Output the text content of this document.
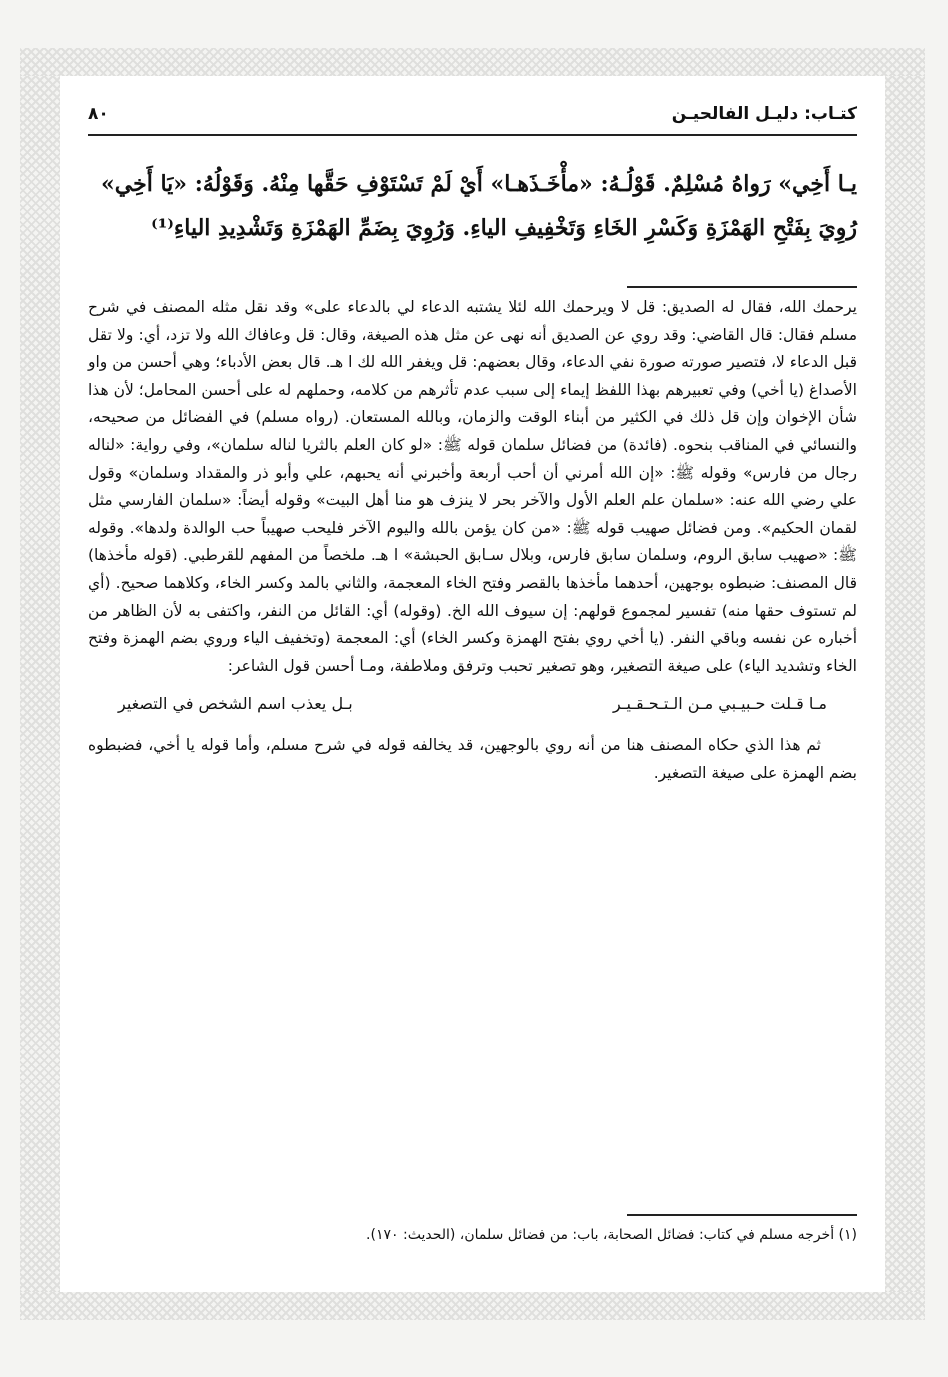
كتـاب: دليـل الفالحيـن
٨٠
يـا أَخِي» رَواهُ مُسْلِمٌ. قَوْلُـهُ: «مأْخَـذَهـا» أَيْ لَمْ تَسْتَوْفِ حَقَّها مِنْهُ. وَقَوْلُهُ: «يَا أَخِي»
رُوِيَ بِفَتْحِ الهَمْزَةِ وَكَسْرِ الخَاءِ وَتَخْفِيفِ الياءِ. وَرُوِيَ بِضَمِّ الهَمْزَةِ وَتَشْدِيدِ الياءِ⁽¹⁾

يرحمك الله، فقال له الصديق: قل لا ويرحمك الله لئلا يشتبه الدعاء لي بالدعاء على» وقد نقل مثله المصنف في شرح مسلم فقال: قال القاضي: وقد روي عن الصديق أنه نهى عن مثل هذه الصيغة، وقال: قل وعافاك الله ولا تزد، أي: ولا تقل قبل الدعاء لا، فتصير صورته صورة نفي الدعاء، وقال بعضهم: قل ويغفر الله لك ا هـ. قال بعض الأدباء؛ وهي أحسن من واو الأصداغ (يا أخي) وفي تعبيرهم بهذا اللفظ إيماء إلى سبب عدم تأثرهم من كلامه، وحملهم له على أحسن المحامل؛ لأن هذا شأن الإخوان وإن قل ذلك في الكثير من أبناء الوقت والزمان، وبالله المستعان. (رواه مسلم) في الفضائل من صحيحه، والنسائي في المناقب بنحوه. (فائدة) من فضائل سلمان قوله ﷺ: «لو كان العلم بالثريا لناله سلمان»، وفي رواية: «لناله رجال من فارس» وقوله ﷺ: «إن الله أمرني أن أحب أربعة وأخبرني أنه يحبهم، علي وأبو ذر والمقداد وسلمان» وقول علي رضي الله عنه: «سلمان علم العلم الأول والآخر بحر لا ينزف هو منا أهل البيت» وقوله أيضاً: «سلمان الفارسي مثل لقمان الحكيم». ومن فضائل صهيب قوله ﷺ: «من كان يؤمن بالله واليوم الآخر فليحب صهيباً حب الوالدة ولدها». وقوله ﷺ: «صهيب سابق الروم، وسلمان سابق فارس، وبلال سـابق الحبشة» ا هـ. ملخصاً من المفهم للقرطبي. (قوله مأخذها) قال المصنف: ضبطوه بوجهين، أحدهما مأخذها بالقصر وفتح الخاء المعجمة، والثاني بالمد وكسر الخاء، وكلاهما صحيح. (أي لم تستوف حقها منه) تفسير لمجموع قولهم: إن سيوف الله الخ. (وقوله) أي: القائل من النفر، واكتفى به لأن الظاهر من أخباره عن نفسه وباقي النفر. (يا أخي روي بفتح الهمزة وكسر الخاء) أي: المعجمة (وتخفيف الياء وروي بضم الهمزة وفتح الخاء وتشديد الياء) على صيغة التصغير، وهو تصغير تحبب وترفق وملاطفة، ومـا أحسن قول الشاعر:

مـا قـلت حـبيـبي مـن الـتـحـقـيـر
بـل يعذب اسم الشخص في التصغير

ثم هذا الذي حكاه المصنف هنا من أنه روي بالوجهين، قد يخالفه قوله في شرح مسلم، وأما قوله يا أخي، فضبطوه بضم الهمزة على صيغة التصغير.

(١) أخرجه مسلم في كتاب: فضائل الصحابة، باب: من فضائل سلمان، (الحديث: ١٧٠).
